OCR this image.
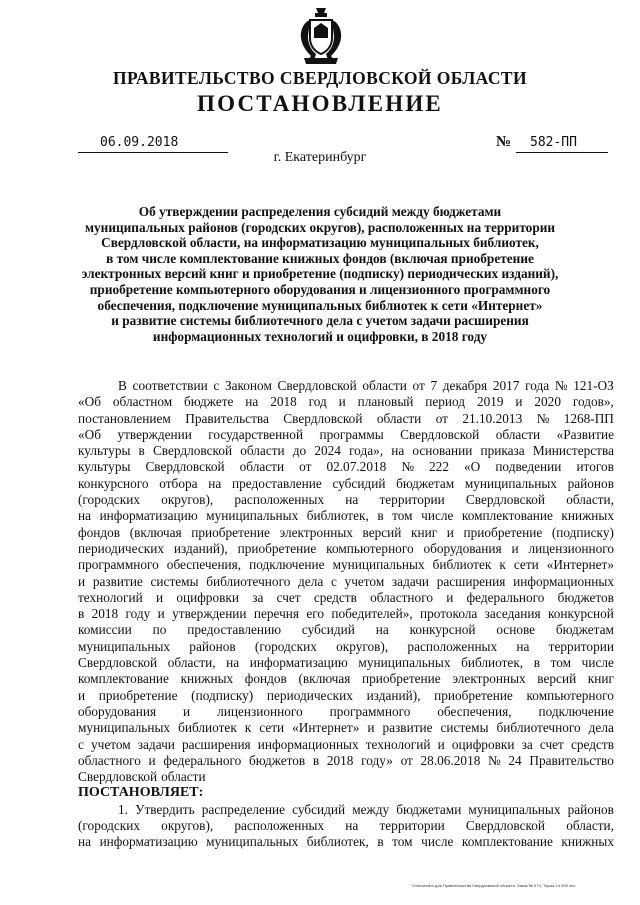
ПРАВИТЕЛЬСТВО СВЕРДЛОВСКОЙ ОБЛАСТИ
ПОСТАНОВЛЕНИЕ
06.09.2018	№	582-ПП
г. Екатеринбург
Об утверждении распределения субсидий между бюджетами
муниципальных районов (городских округов), расположенных на территории
Свердловской области, на информатизацию муниципальных библиотек,
в том числе комплектование книжных фондов (включая приобретение
электронных версий книг и приобретение (подписку) периодических изданий),
приобретение компьютерного оборудования и лицензионного программного
обеспечения, подключение муниципальных библиотек к сети «Интернет»
и развитие системы библиотечного дела с учетом задачи расширения
информационных технологий и оцифровки, в 2018 году
В соответствии с Законом Свердловской области от 7 декабря 2017 года № 121-ОЗ
«Об областном бюджете на 2018 год и плановый период 2019 и 2020 годов»,
постановлением Правительства Свердловской области от 21.10.2013 № 1268-ПП
«Об утверждении государственной программы Свердловской области «Развитие
культуры в Свердловской области до 2024 года», на основании приказа Министерства
культуры Свердловской области от 02.07.2018 № 222 «О подведении итогов
конкурсного отбора на предоставление субсидий бюджетам муниципальных районов
(городских округов), расположенных на территории Свердловской области,
на информатизацию муниципальных библиотек, в том числе комплектование книжных
фондов (включая приобретение электронных версий книг и приобретение (подписку)
периодических изданий), приобретение компьютерного оборудования и лицензионного
программного обеспечения, подключение муниципальных библиотек к сети «Интернет»
и развитие системы библиотечного дела с учетом задачи расширения информационных
технологий и оцифровки за счет средств областного и федерального бюджетов
в 2018 году и утверждении перечня его победителей», протокола заседания конкурсной
комиссии по предоставлению субсидий на конкурсной основе бюджетам
муниципальных районов (городских округов), расположенных на территории
Свердловской области, на информатизацию муниципальных библиотек, в том числе
комплектование книжных фондов (включая приобретение электронных версий книг
и приобретение (подписку) периодических изданий), приобретение компьютерного
оборудования и лицензионного программного обеспечения, подключение
муниципальных библиотек к сети «Интернет» и развитие системы библиотечного дела
с учетом задачи расширения информационных технологий и оцифровки за счет средств
областного и федерального бюджетов в 2018 году» от 28.06.2018 № 24 Правительство
Свердловской области
ПОСТАНОВЛЯЕТ:
1. Утвердить распределение субсидий между бюджетами муниципальных районов
(городских округов), расположенных на территории Свердловской области,
на информатизацию муниципальных библиотек, в том числе комплектование книжных
Отпечатано для Правительства Свердловской области. Заказ № 573. Тираж 14 000 экз.
